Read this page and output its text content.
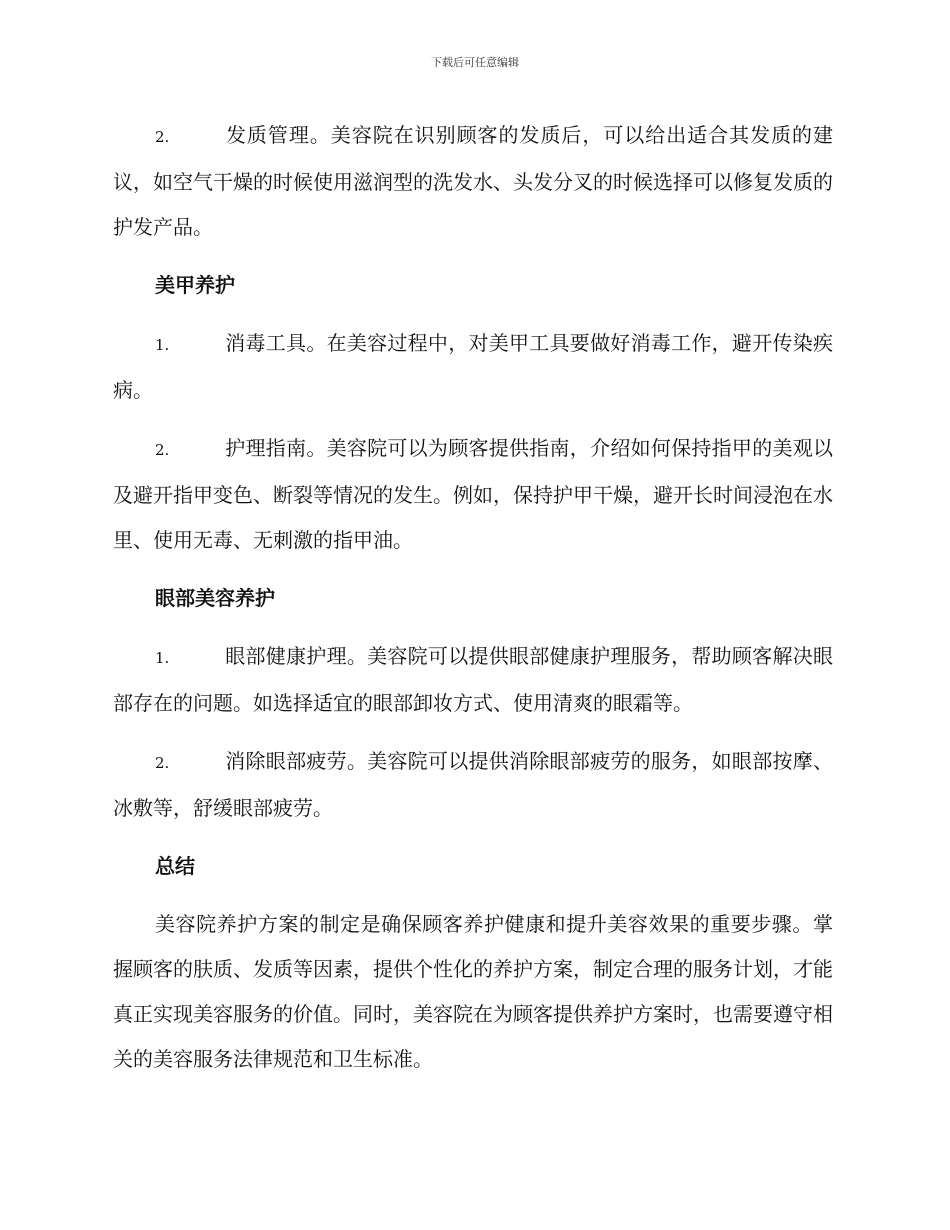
下载后可任意编辑

2.	发质管理。美容院在识别顾客的发质后，可以给出适合其发质的建议，如空气干燥的时候使用滋润型的洗发水、头发分叉的时候选择可以修复发质的护发产品。

美甲养护

1.	消毒工具。在美容过程中，对美甲工具要做好消毒工作，避开传染疾病。

2.	护理指南。美容院可以为顾客提供指南，介绍如何保持指甲的美观以及避开指甲变色、断裂等情况的发生。例如，保持护甲干燥，避开长时间浸泡在水里、使用无毒、无刺激的指甲油。

眼部美容养护

1.	眼部健康护理。美容院可以提供眼部健康护理服务，帮助顾客解决眼部存在的问题。如选择适宜的眼部卸妆方式、使用清爽的眼霜等。

2.	消除眼部疲劳。美容院可以提供消除眼部疲劳的服务，如眼部按摩、冰敷等，舒缓眼部疲劳。

总结

美容院养护方案的制定是确保顾客养护健康和提升美容效果的重要步骤。掌握顾客的肤质、发质等因素，提供个性化的养护方案，制定合理的服务计划，才能真正实现美容服务的价值。同时，美容院在为顾客提供养护方案时，也需要遵守相关的美容服务法律规范和卫生标准。
